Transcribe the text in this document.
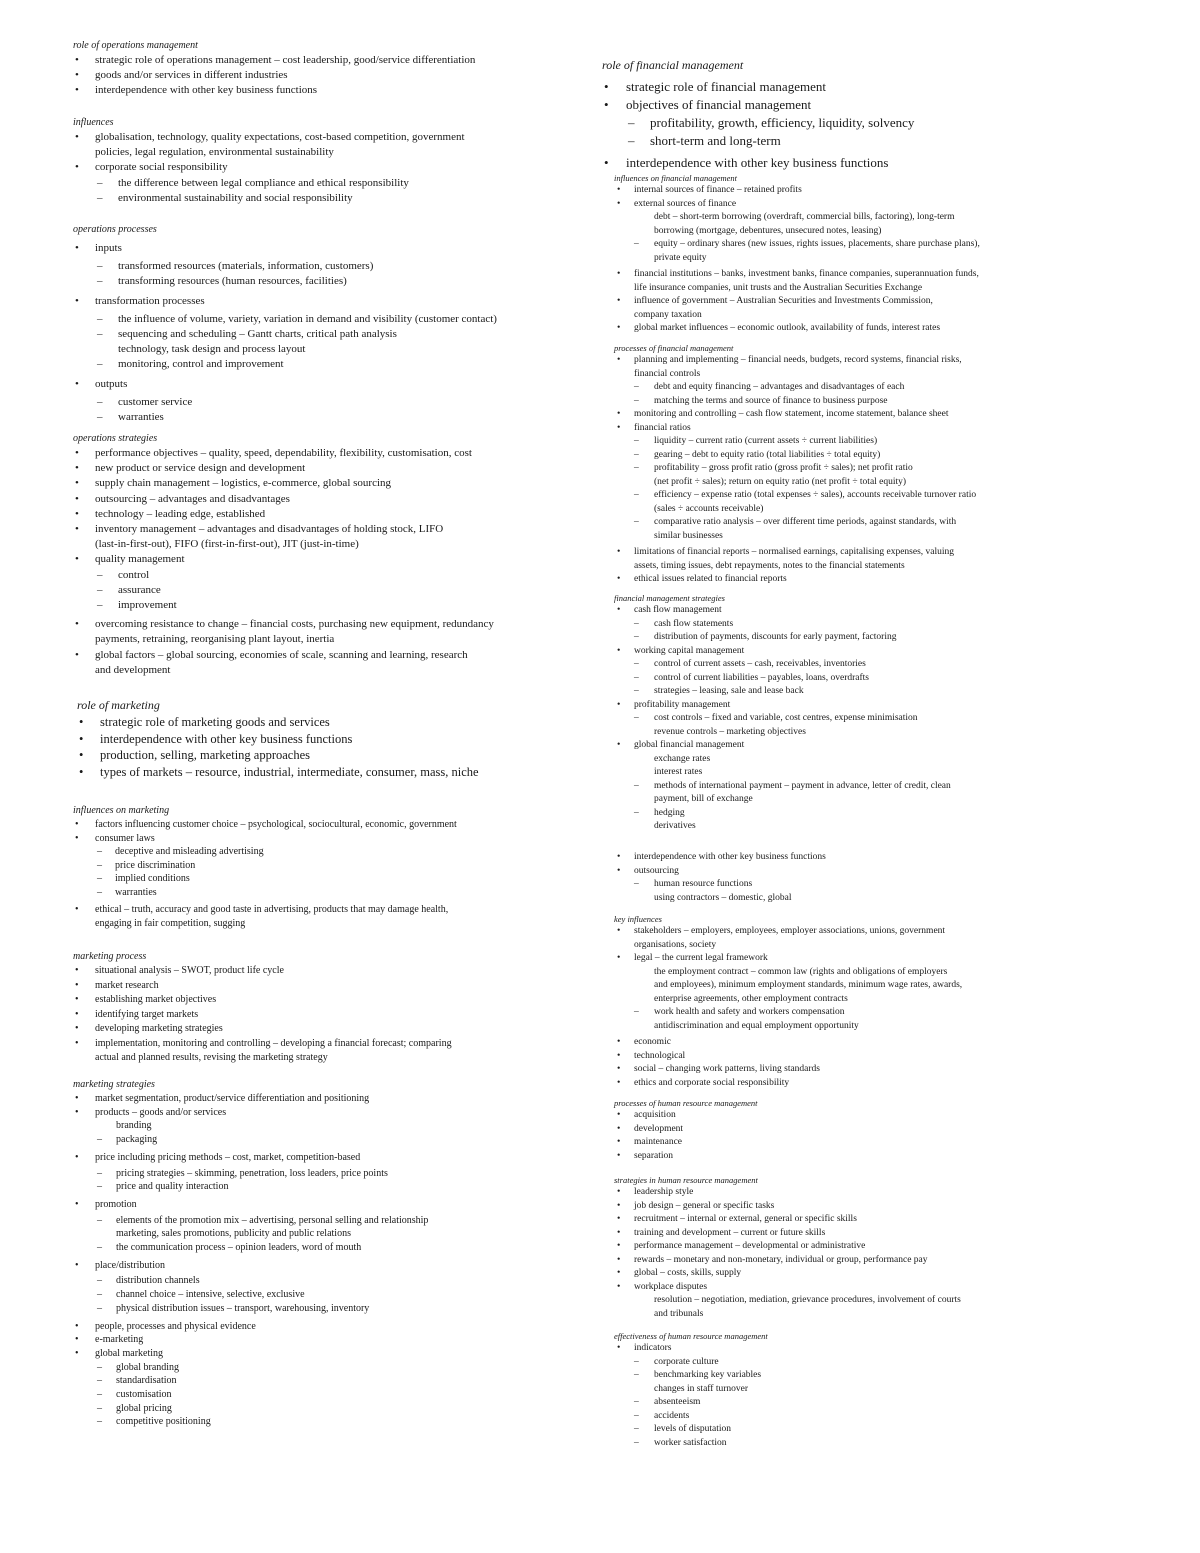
role of operations management

• strategic role of operations management – cost leadership, good/service differentiation
• goods and/or services in different industries
• interdependence with other key business functions

influences

• globalisation, technology, quality expectations, cost-based competition, government
policies, legal regulation, environmental sustainability
• corporate social responsibility
– the difference between legal compliance and ethical responsibility
– environmental sustainability and social responsibility

operations processes

• inputs
– transformed resources (materials, information, customers)
– transforming resources (human resources, facilities)
• transformation processes
– the influence of volume, variety, variation in demand and visibility (customer contact)
– sequencing and scheduling – Gantt charts, critical path analysis
technology, task design and process layout
– monitoring, control and improvement
• outputs
– customer service
– warranties

operations strategies

• performance objectives – quality, speed, dependability, flexibility, customisation, cost
• new product or service design and development
• supply chain management – logistics, e-commerce, global sourcing
• outsourcing – advantages and disadvantages
• technology – leading edge, established
• inventory management – advantages and disadvantages of holding stock, LIFO
(last-in-first-out), FIFO (first-in-first-out), JIT (just-in-time)
• quality management
– control
– assurance
– improvement
• overcoming resistance to change – financial costs, purchasing new equipment, redundancy
payments, retraining, reorganising plant layout, inertia
• global factors – global sourcing, economies of scale, scanning and learning, research
and development

role of marketing

• strategic role of marketing goods and services
• interdependence with other key business functions
• production, selling, marketing approaches
• types of markets – resource, industrial, intermediate, consumer, mass, niche

influences on marketing

• factors influencing customer choice – psychological, sociocultural, economic, government
• consumer laws
– deceptive and misleading advertising
– price discrimination
– implied conditions
– warranties
• ethical – truth, accuracy and good taste in advertising, products that may damage health,
engaging in fair competition, sugging

marketing process

• situational analysis – SWOT, product life cycle
• market research
• establishing market objectives
• identifying target markets
• developing marketing strategies
• implementation, monitoring and controlling – developing a financial forecast; comparing
actual and planned results, revising the marketing strategy

marketing strategies

• market segmentation, product/service differentiation and positioning
• products – goods and/or services
branding
– packaging
• price including pricing methods – cost, market, competition-based
– pricing strategies – skimming, penetration, loss leaders, price points
– price and quality interaction
• promotion
– elements of the promotion mix – advertising, personal selling and relationship
marketing, sales promotions, publicity and public relations
– the communication process – opinion leaders, word of mouth
• place/distribution
– distribution channels
– channel choice – intensive, selective, exclusive
– physical distribution issues – transport, warehousing, inventory
• people, processes and physical evidence
• e-marketing
• global marketing
– global branding
– standardisation
– customisation
– global pricing
– competitive positioning

role of financial management

• strategic role of financial management
• objectives of financial management
– profitability, growth, efficiency, liquidity, solvency
– short-term and long-term
• interdependence with other key business functions

influences on financial management

• internal sources of finance – retained profits
• external sources of finance
debt – short-term borrowing (overdraft, commercial bills, factoring), long-term
borrowing (mortgage, debentures, unsecured notes, leasing)
– equity – ordinary shares (new issues, rights issues, placements, share purchase plans),
private equity
• financial institutions – banks, investment banks, finance companies, superannuation funds,
life insurance companies, unit trusts and the Australian Securities Exchange
• influence of government – Australian Securities and Investments Commission,
company taxation
• global market influences – economic outlook, availability of funds, interest rates

processes of financial management

• planning and implementing – financial needs, budgets, record systems, financial risks,
financial controls
– debt and equity financing – advantages and disadvantages of each
– matching the terms and source of finance to business purpose
• monitoring and controlling – cash flow statement, income statement, balance sheet
• financial ratios
– liquidity – current ratio (current assets ÷ current liabilities)
– gearing – debt to equity ratio (total liabilities ÷ total equity)
– profitability – gross profit ratio (gross profit ÷ sales); net profit ratio
(net profit ÷ sales); return on equity ratio (net profit ÷ total equity)
– efficiency – expense ratio (total expenses ÷ sales), accounts receivable turnover ratio
(sales ÷ accounts receivable)
– comparative ratio analysis – over different time periods, against standards, with
similar businesses
• limitations of financial reports – normalised earnings, capitalising expenses, valuing
assets, timing issues, debt repayments, notes to the financial statements
• ethical issues related to financial reports

financial management strategies

• cash flow management
– cash flow statements
– distribution of payments, discounts for early payment, factoring
• working capital management
– control of current assets – cash, receivables, inventories
– control of current liabilities – payables, loans, overdrafts
– strategies – leasing, sale and lease back
• profitability management
– cost controls – fixed and variable, cost centres, expense minimisation
revenue controls – marketing objectives
• global financial management
exchange rates
interest rates
– methods of international payment – payment in advance, letter of credit, clean
payment, bill of exchange
– hedging
derivatives
• interdependence with other key business functions
• outsourcing
– human resource functions
using contractors – domestic, global

key influences

• stakeholders – employers, employees, employer associations, unions, government
organisations, society
• legal – the current legal framework
the employment contract – common law (rights and obligations of employers
and employees), minimum employment standards, minimum wage rates, awards,
enterprise agreements, other employment contracts
– work health and safety and workers compensation
antidiscrimination and equal employment opportunity
• economic
• technological
• social – changing work patterns, living standards
• ethics and corporate social responsibility

processes of human resource management

• acquisition
• development
• maintenance
• separation

strategies in human resource management

• leadership style
• job design – general or specific tasks
• recruitment – internal or external, general or specific skills
• training and development – current or future skills
• performance management – developmental or administrative
• rewards – monetary and non-monetary, individual or group, performance pay
• global – costs, skills, supply
• workplace disputes
resolution – negotiation, mediation, grievance procedures, involvement of courts
and tribunals

effectiveness of human resource management

• indicators
– corporate culture
– benchmarking key variables
changes in staff turnover
– absenteeism
– accidents
– levels of disputation
– worker satisfaction
